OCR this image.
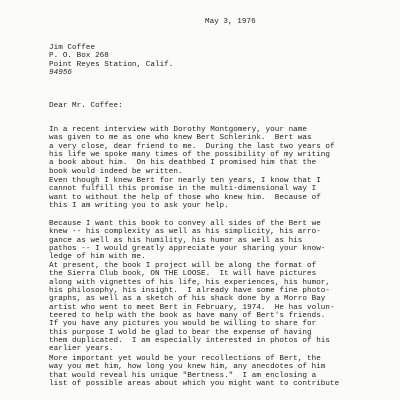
May 3, 1976
Jim Coffee
P. O. Box 268
Point Reyes Station, Calif.
94956
Dear Mr. Coffee:
In a recent interview with Dorothy Montgomery, your name
was given to me as one who knew Bert Schlerink.  Bert was
a very close, dear friend to me.  During the last two years of
his life we spoke many times of the possibility of my writing
a book about him.  On his deathbed I promised him that the
book would indeed be written.
Even though I knew Bert for nearly ten years, I know that I
cannot fulfill this promise in the multi-dimensional way I
want to without the help of those who knew him.  Because of
this I am writing you to ask your help.
Because I want this book to convey all sides of the Bert we
knew -- his complexity as well as his simplicity, his arro-
gance as well as his humility, his humor as well as his
pathos -- I would greatly appreciate your sharing your know-
ledge of him with me.
At present, the book I project will be along the format of
the Sierra Club book, ON THE LOOSE.  It will have pictures
along with vignettes of his life, his experiences, his humor,
his philosophy, his insight.  I already have some fine photo-
graphs, as well as a sketch of his shack done by a Morro Bay
artist who went to meet Bert in February, 1974.  He has volun-
teered to help with the book as have many of Bert's friends.
If you have any pictures you would be willing to share for
this purpose I wold be glad to bear the expense of having
them duplicated.  I am especially interested in photos of his
earlier years.
More important yet would be your recollections of Bert, the
way you met him, how long you knew him, any anecdotes of him
that would reveal his unique "Bertness."  I am enclosing a
list of possible areas about which you might want to contribute
